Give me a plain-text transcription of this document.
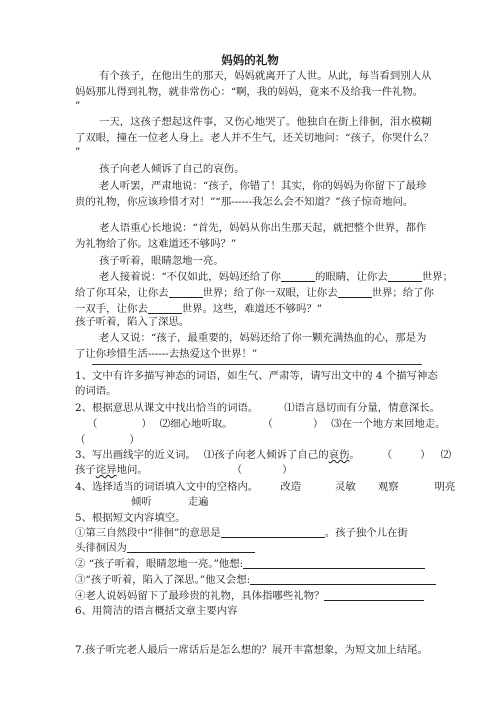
妈妈的礼物
有个孩子，在他出生的那天，妈妈就离开了人世。从此，每当看到别人从
妈妈那儿得到礼物，就非常伤心：“啊，我的妈妈，竟来不及给我一件礼物。
”
一天，这孩子想起这件事，又伤心地哭了。他独自在街上徘徊，泪水模糊
了双眼，撞在一位老人身上。老人并不生气，还关切地问：“孩子，你哭什么？
”
孩子向老人倾诉了自己的哀伤。
老人听罢，严肃地说：“孩子，你错了！其实，你的妈妈为你留下了最珍
贵的礼物，你应该珍惜才对！”“那------我怎么会不知道？”孩子惊奇地问。
老人语重心长地说：“首先，妈妈从你出生那天起，就把整个世界，都作
为礼物给了你。这难道还不够吗？”
孩子听着，眼睛忽地一亮。
老人接着说：“不仅如此，妈妈还给了你	的眼睛，让你去	世界；
给了你耳朵，让你去	世界；给了你一双眼，让你去	世界；给了你
一双手，让你去	世界。这些，难道还不够吗？”
孩子听着，陷入了深思。
老人又说：“孩子，最重要的，妈妈还给了你一颗充满热血的心，那是为
了让你珍惜生活------去热爱这个世界！”
1、文中有许多描写神态的词语，如生气、严肃等，请写出文中的 4 个描写神态
的词语。
2、根据意思从课文中找出恰当的词语。	⑴语言恳切而有分量，情意深长。
（	） ⑵细心地听取。	（	） ⑶在一个地方来回地走。
（	）
3、写出画线字的近义词。 ⑴孩子向老人倾诉了自己的哀伤。 （	） ⑵
孩子诧异地问。	（	）
4、选择适当的词语填入文中的空格内。 改造	灵敏 观察	明亮
倾听	走遍
5、根据短文内容填空。
①第三自然段中“徘徊”的意思是	。孩子独个儿在街
头徘徊因为
② “孩子听着，眼睛忽地一亮。”他想:
③“孩子听着，陷入了深思。”他又会想:
④老人说妈妈留下了最珍贵的礼物，具体指哪些礼物？
6、用简洁的语言概括文章主要内容
7.孩子听完老人最后一席话后是怎么想的？展开丰富想象，为短文加上结尾。
